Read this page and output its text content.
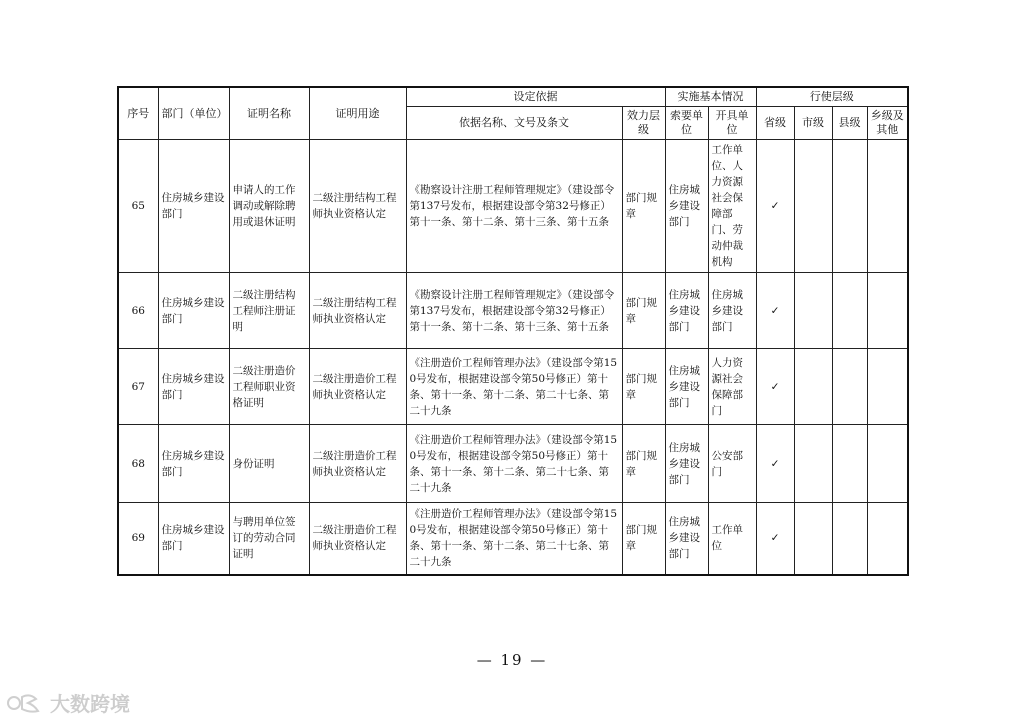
序号	部门（单位）	证明名称	证明用途	设定依据		实施基本情况		行使层级			
				依据名称、文号及条文	效力层级	索要单位	开具单位	省级	市级	县级	乡级及其他
65	住房城乡建设部门	申请人的工作调动或解除聘用或退休证明	二级注册结构工程师执业资格认定	《勘察设计注册工程师管理规定》（建设部令第137号发布，根据建设部令第32号修正）第十一条、第十二条、第十三条、第十五条	部门规章	住房城乡建设部门	工作单位、人力资源社会保障部门、劳动仲裁机构	✓			
66	住房城乡建设部门	二级注册结构工程师注册证明	二级注册结构工程师执业资格认定	《勘察设计注册工程师管理规定》（建设部令第137号发布，根据建设部令第32号修正）第十一条、第十二条、第十三条、第十五条	部门规章	住房城乡建设部门	住房城乡建设部门	✓			
67	住房城乡建设部门	二级注册造价工程师职业资格证明	二级注册造价工程师执业资格认定	《注册造价工程师管理办法》（建设部令第150号发布，根据建设部令第50号修正）第十条、第十一条、第十二条、第二十七条、第二十九条	部门规章	住房城乡建设部门	人力资源社会保障部门	✓			
68	住房城乡建设部门	身份证明	二级注册造价工程师执业资格认定	《注册造价工程师管理办法》（建设部令第150号发布，根据建设部令第50号修正）第十条、第十一条、第十二条、第二十七条、第二十九条	部门规章	住房城乡建设部门	公安部门	✓			
69	住房城乡建设部门	与聘用单位签订的劳动合同证明	二级注册造价工程师执业资格认定	《注册造价工程师管理办法》（建设部令第150号发布，根据建设部令第50号修正）第十条、第十一条、第十二条、第二十七条、第二十九条	部门规章	住房城乡建设部门	工作单位	✓			
— 19 —
大数跨境
